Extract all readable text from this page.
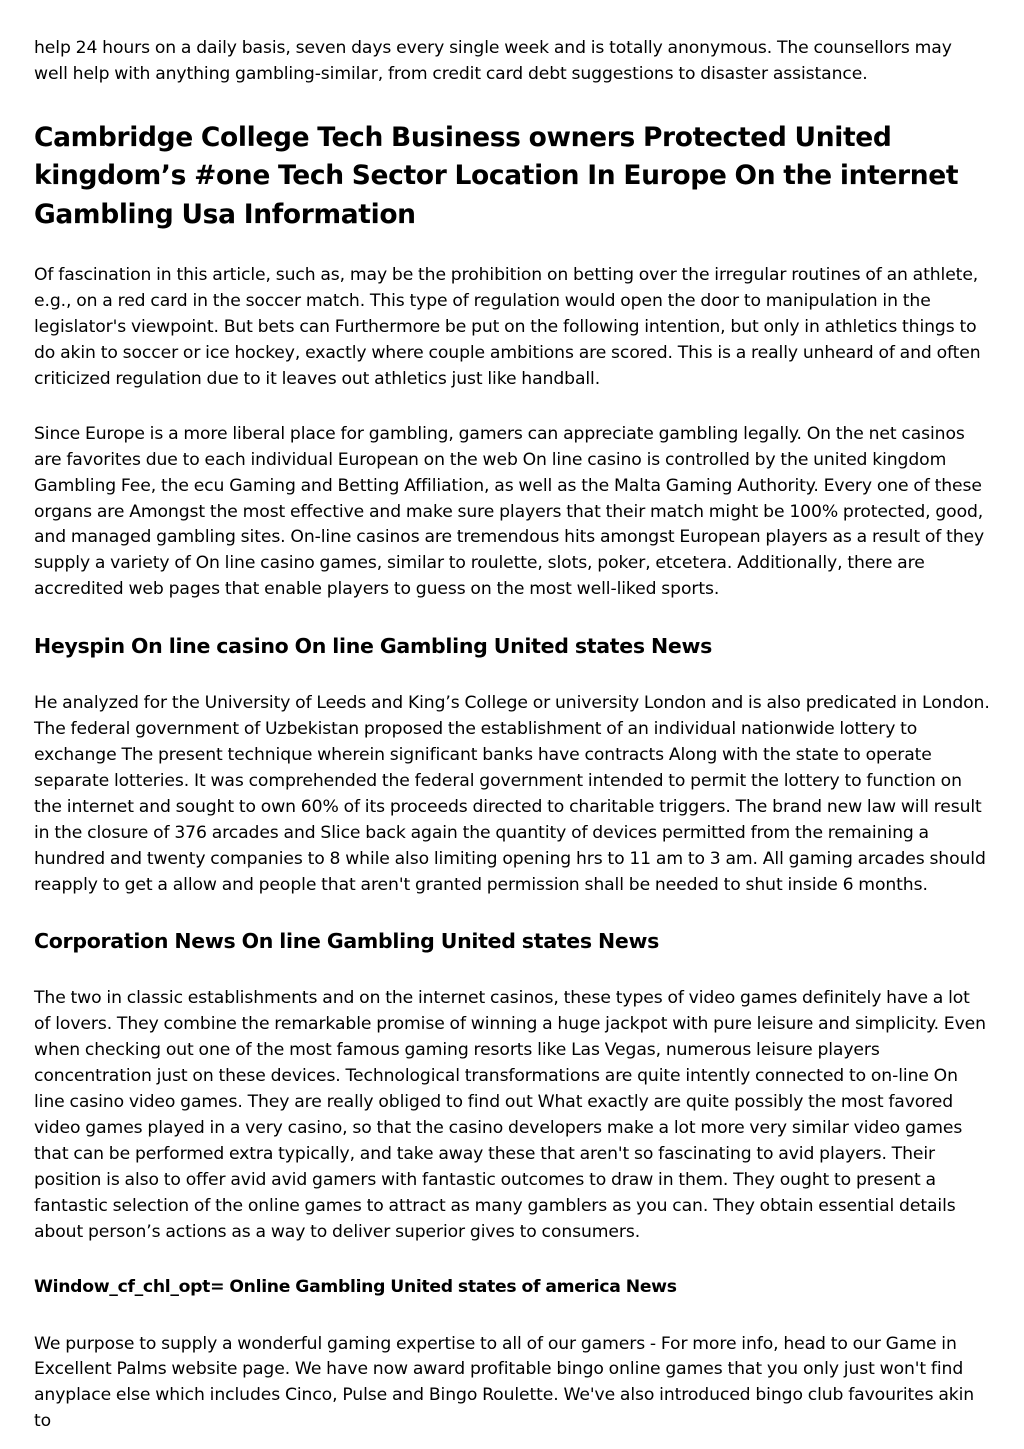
help 24 hours on a daily basis, seven days every single week and is totally anonymous. The counsellors may well help with anything gambling-similar, from credit card debt suggestions to disaster assistance.

Cambridge College Tech Business owners Protected United kingdom’s #one Tech Sector Location In Europe On the internet Gambling Usa Information

Of fascination in this article, such as, may be the prohibition on betting over the irregular routines of an athlete, e.g., on a red card in the soccer match. This type of regulation would open the door to manipulation in the legislator's viewpoint. But bets can Furthermore be put on the following intention, but only in athletics things to do akin to soccer or ice hockey, exactly where couple ambitions are scored. This is a really unheard of and often criticized regulation due to it leaves out athletics just like handball.

Since Europe is a more liberal place for gambling, gamers can appreciate gambling legally. On the net casinos are favorites due to each individual European on the web On line casino is controlled by the united kingdom Gambling Fee, the ecu Gaming and Betting Affiliation, as well as the Malta Gaming Authority. Every one of these organs are Amongst the most effective and make sure players that their match might be 100% protected, good, and managed gambling sites. On-line casinos are tremendous hits amongst European players as a result of they supply a variety of On line casino games, similar to roulette, slots, poker, etcetera. Additionally, there are accredited web pages that enable players to guess on the most well-liked sports.

Heyspin On line casino On line Gambling United states News

He analyzed for the University of Leeds and King’s College or university London and is also predicated in London. The federal government of Uzbekistan proposed the establishment of an individual nationwide lottery to exchange The present technique wherein significant banks have contracts Along with the state to operate separate lotteries. It was comprehended the federal government intended to permit the lottery to function on the internet and sought to own 60% of its proceeds directed to charitable triggers. The brand new law will result in the closure of 376 arcades and Slice back again the quantity of devices permitted from the remaining a hundred and twenty companies to 8 while also limiting opening hrs to 11 am to 3 am. All gaming arcades should reapply to get a allow and people that aren't granted permission shall be needed to shut inside 6 months.

Corporation News On line Gambling United states News

The two in classic establishments and on the internet casinos, these types of video games definitely have a lot of lovers. They combine the remarkable promise of winning a huge jackpot with pure leisure and simplicity. Even when checking out one of the most famous gaming resorts like Las Vegas, numerous leisure players concentration just on these devices. Technological transformations are quite intently connected to on-line On line casino video games. They are really obliged to find out What exactly are quite possibly the most favored video games played in a very casino, so that the casino developers make a lot more very similar video games that can be performed extra typically, and take away these that aren't so fascinating to avid players. Their position is also to offer avid avid gamers with fantastic outcomes to draw in them. They ought to present a fantastic selection of the online games to attract as many gamblers as you can. They obtain essential details about person’s actions as a way to deliver superior gives to consumers.

Window_cf_chl_opt= Online Gambling United states of america News

We purpose to supply a wonderful gaming expertise to all of our gamers - For more info, head to our Game in Excellent Palms website page. We have now award profitable bingo online games that you only just won't find anyplace else which includes Cinco, Pulse and Bingo Roulette. We've also introduced bingo club favourites akin to
